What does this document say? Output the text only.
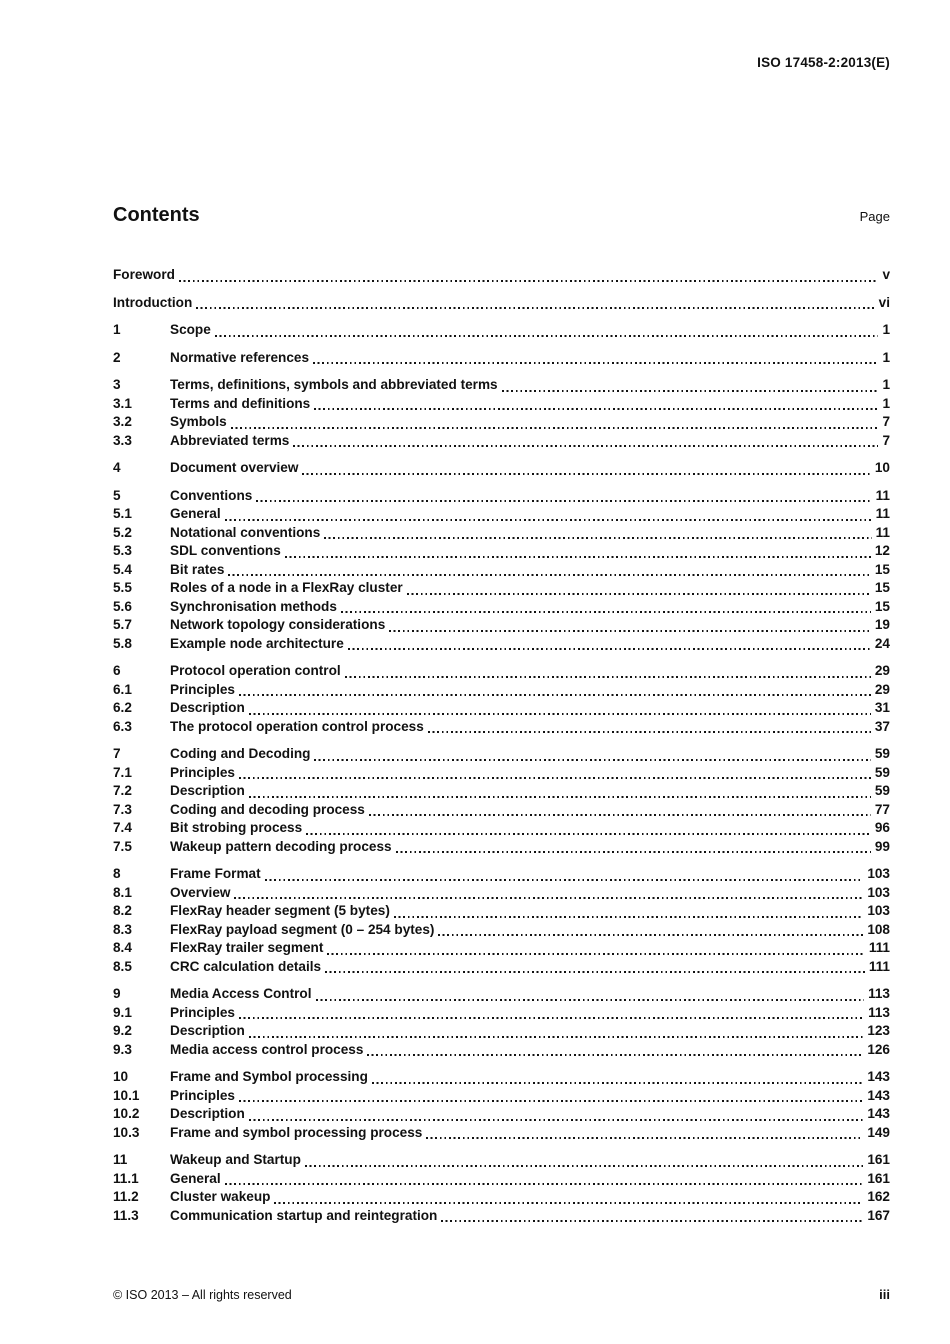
ISO 17458-2:2013(E)
Contents	Page
Foreword	v
Introduction	vi
1	Scope	1
2	Normative references	1
3	Terms, definitions, symbols and abbreviated terms	1
3.1	Terms and definitions	1
3.2	Symbols	7
3.3	Abbreviated terms	7
4	Document overview	10
5	Conventions	11
5.1	General	11
5.2	Notational conventions	11
5.3	SDL conventions	12
5.4	Bit rates	15
5.5	Roles of a node in a FlexRay cluster	15
5.6	Synchronisation methods	15
5.7	Network topology considerations	19
5.8	Example node architecture	24
6	Protocol operation control	29
6.1	Principles	29
6.2	Description	31
6.3	The protocol operation control process	37
7	Coding and Decoding	59
7.1	Principles	59
7.2	Description	59
7.3	Coding and decoding process	77
7.4	Bit strobing process	96
7.5	Wakeup pattern decoding process	99
8	Frame Format	103
8.1	Overview	103
8.2	FlexRay header segment (5 bytes)	103
8.3	FlexRay payload segment (0 – 254 bytes)	108
8.4	FlexRay trailer segment	111
8.5	CRC calculation details	111
9	Media Access Control	113
9.1	Principles	113
9.2	Description	123
9.3	Media access control process	126
10	Frame and Symbol processing	143
10.1	Principles	143
10.2	Description	143
10.3	Frame and symbol processing process	149
11	Wakeup and Startup	161
11.1	General	161
11.2	Cluster wakeup	162
11.3	Communication startup and reintegration	167
© ISO 2013 – All rights reserved	iii
